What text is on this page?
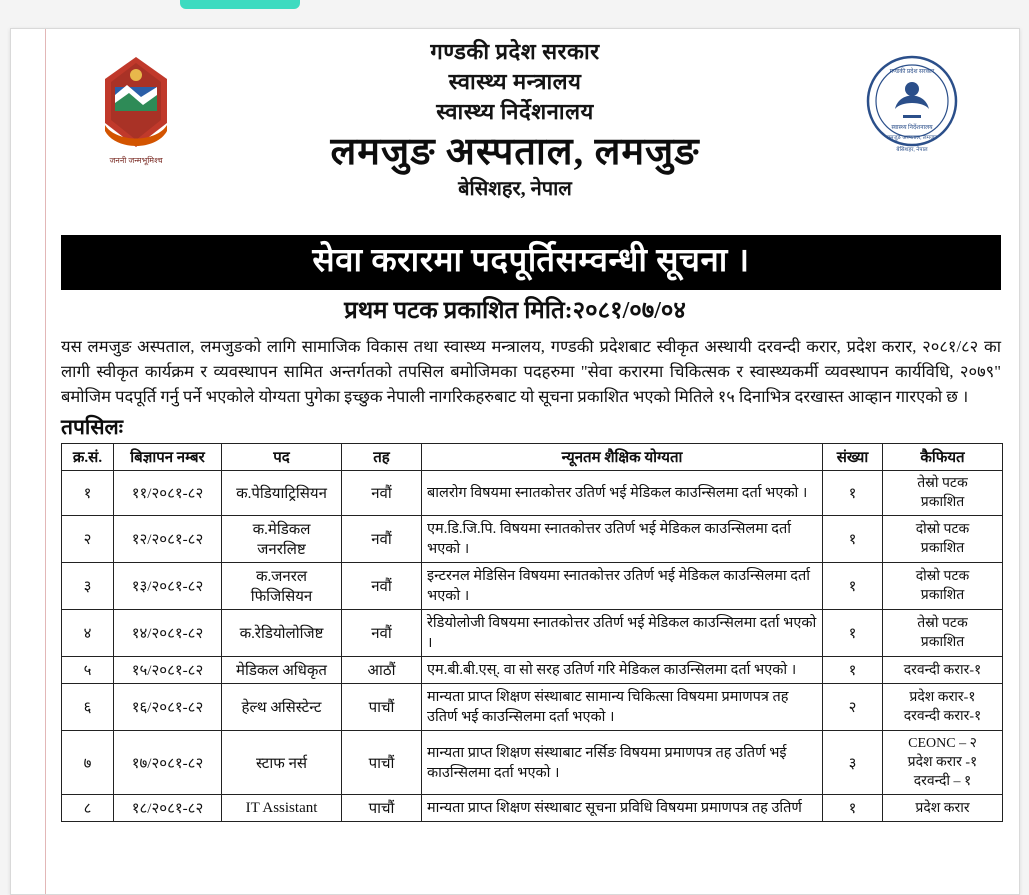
जननी जन्मभूमिश्च
गण्डकी प्रदेश सरकार
स्वास्थ्य निर्देशनालय
लमजुङ अस्पताल, लमजुङ
बेसिशहर, नेपाल
गण्डकी प्रदेश सरकार
स्वास्थ्य मन्त्रालय
स्वास्थ्य निर्देशनालय
लमजुङ अस्पताल, लमजुङ
बेसिशहर, नेपाल
सेवा करारमा पदपूर्तिसम्वन्धी सूचना ।
प्रथम पटक प्रकाशित मिति:२०८१/०७/०४
यस लमजुङ अस्पताल, लमजुङको लागि सामाजिक विकास तथा स्वास्थ्य मन्त्रालय, गण्डकी प्रदेशबाट स्वीकृत अस्थायी दरवन्दी करार, प्रदेश करार, २०८१/८२ का लागी स्वीकृत कार्यक्रम र व्यवस्थापन सामित अन्तर्गतको तपसिल बमोजिमका पदहरुमा "सेवा करारमा चिकित्सक र स्वास्थ्यकर्मी व्यवस्थापन कार्यविधि, २०७९" बमोजिम पदपूर्ति गर्नु पर्ने भएकोले योग्यता पुगेका इच्छुक नेपाली नागरिकहरुबाट यो सूचना प्रकाशित भएको मितिले १५ दिनाभित्र दरखास्त आव्हान गारएको छ ।
तपसिलः
क्र.सं.	बिज्ञापन नम्बर	पद	तह	न्यूनतम शैक्षिक योग्यता	संख्या	कैफियत
१	११/२०८१-८२	क.पेडियाट्रिसियन	नवौं	बालरोग विषयमा स्नातकोत्तर उतिर्ण भई मेडिकल काउन्सिलमा दर्ता भएको ।	१	तेस्रो पटक
प्रकाशित

२	१२/२०८१-८२	क.मेडिकल जनरलिष्ट	नवौं	एम.डि.जि.पि. विषयमा स्नातकोत्तर उतिर्ण भई मेडिकल काउन्सिलमा दर्ता भएको ।	१	दोस्रो पटक
प्रकाशित

३	१३/२०८१-८२	क.जनरल फिजिसियन	नवौं	इन्टरनल मेडिसिन विषयमा स्नातकोत्तर उतिर्ण भई मेडिकल काउन्सिलमा दर्ता भएको ।	१	दोस्रो पटक
प्रकाशित

४	१४/२०८१-८२	क.रेडियोलोजिष्ट	नवौं	रेडियोलोजी विषयमा स्नातकोत्तर उतिर्ण भई मेडिकल काउन्सिलमा दर्ता भएको ।	१	तेस्रो पटक
प्रकाशित

५	१५/२०८१-८२	मेडिकल अधिकृत	आठौं	एम.बी.बी.एस्. वा सो सरह उतिर्ण गरि मेडिकल काउन्सिलमा दर्ता भएको ।	१	दरवन्दी करार-१

६	१६/२०८१-८२	हेल्थ असिस्टेन्ट	पाचौं	मान्यता प्राप्त शिक्षण संस्थाबाट सामान्य चिकित्सा विषयमा प्रमाणपत्र तह उतिर्ण भई काउन्सिलमा दर्ता भएको ।	२	प्रदेश करार-१
दरवन्दी करार-१

७	१७/२०८१-८२	स्टाफ नर्स	पाचौं	मान्यता प्राप्त शिक्षण संस्थाबाट नर्सिङ विषयमा प्रमाणपत्र तह उतिर्ण भई काउन्सिलमा दर्ता भएको ।	३	CEONC – २
प्रदेश करार -१
दरवन्दी – १

८	१८/२०८१-८२	IT Assistant	पाचौं	मान्यता प्राप्त शिक्षण संस्थाबाट सूचना प्रविधि विषयमा प्रमाणपत्र तह उतिर्ण	१	प्रदेश करार
